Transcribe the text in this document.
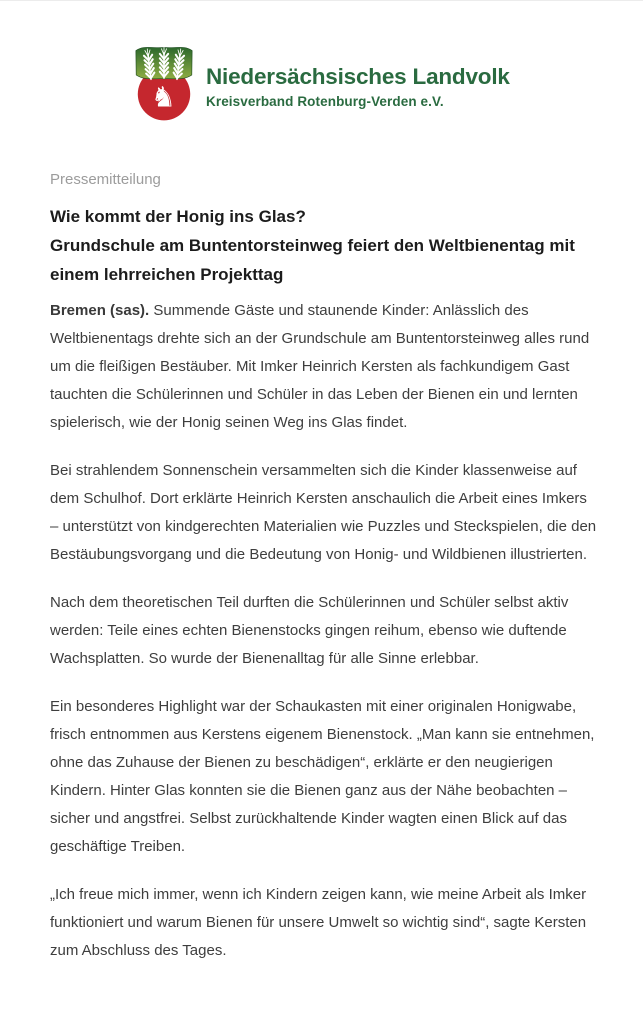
♞
Niedersächsisches Landvolk
Kreisverband Rotenburg-Verden e.V.
Pressemitteilung
Wie kommt der Honig ins Glas?
Grundschule am Buntentorsteinweg feiert den Weltbienentag mit einem lehrreichen Projekttag

Bremen (sas). Summende Gäste und staunende Kinder: Anlässlich des Weltbienentags drehte sich an der Grundschule am Buntentorsteinweg alles rund um die fleißigen Bestäuber. Mit Imker Heinrich Kersten als fachkundigem Gast tauchten die Schülerinnen und Schüler in das Leben der Bienen ein und lernten spielerisch, wie der Honig seinen Weg ins Glas findet.

Bei strahlendem Sonnenschein versammelten sich die Kinder klassenweise auf dem Schulhof. Dort erklärte Heinrich Kersten anschaulich die Arbeit eines Imkers – unterstützt von kindgerechten Materialien wie Puzzles und Steckspielen, die den Bestäubungsvorgang und die Bedeutung von Honig- und Wildbienen illustrierten.

Nach dem theoretischen Teil durften die Schülerinnen und Schüler selbst aktiv werden: Teile eines echten Bienenstocks gingen reihum, ebenso wie duftende Wachsplatten. So wurde der Bienenalltag für alle Sinne erlebbar.

Ein besonderes Highlight war der Schaukasten mit einer originalen Honigwabe, frisch entnommen aus Kerstens eigenem Bienenstock. „Man kann sie entnehmen, ohne das Zuhause der Bienen zu beschädigen“, erklärte er den neugierigen Kindern. Hinter Glas konnten sie die Bienen ganz aus der Nähe beobachten – sicher und angstfrei. Selbst zurückhaltende Kinder wagten einen Blick auf das geschäftige Treiben.

„Ich freue mich immer, wenn ich Kindern zeigen kann, wie meine Arbeit als Imker funktioniert und warum Bienen für unsere Umwelt so wichtig sind“, sagte Kersten zum Abschluss des Tages.
